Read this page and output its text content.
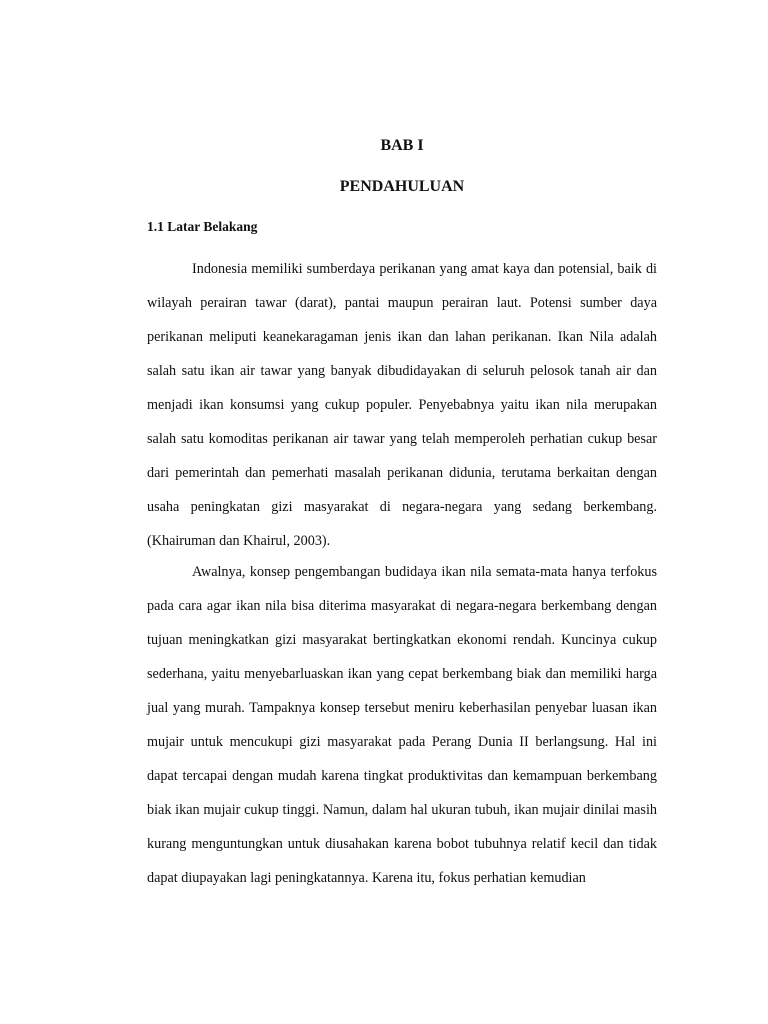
BAB I
PENDAHULUAN
1.1 Latar Belakang

Indonesia memiliki sumberdaya perikanan yang amat kaya dan potensial, baik di wilayah perairan tawar (darat), pantai maupun perairan laut. Potensi sumber daya perikanan meliputi keanekaragaman jenis ikan dan lahan perikanan. Ikan Nila adalah salah satu ikan air tawar yang banyak dibudidayakan di seluruh pelosok tanah air dan menjadi ikan konsumsi yang cukup populer. Penyebabnya yaitu ikan nila merupakan salah satu komoditas perikanan air tawar yang telah memperoleh perhatian cukup besar dari pemerintah dan pemerhati masalah perikanan didunia, terutama berkaitan dengan usaha peningkatan gizi masyarakat di negara-negara yang sedang berkembang. (Khairuman dan Khairul, 2003).

Awalnya, konsep pengembangan budidaya ikan nila semata-mata hanya terfokus pada cara agar ikan nila bisa diterima masyarakat di negara-negara berkembang dengan tujuan meningkatkan gizi masyarakat bertingkatkan ekonomi rendah. Kuncinya cukup sederhana, yaitu menyebarluaskan ikan yang cepat berkembang biak dan memiliki harga jual yang murah. Tampaknya konsep tersebut meniru keberhasilan penyebar luasan ikan mujair untuk mencukupi gizi masyarakat pada Perang Dunia II berlangsung. Hal ini dapat tercapai dengan mudah karena tingkat produktivitas dan kemampuan berkembang biak ikan mujair cukup tinggi. Namun, dalam hal ukuran tubuh, ikan mujair dinilai masih kurang menguntungkan untuk diusahakan karena bobot tubuhnya relatif kecil dan tidak dapat diupayakan lagi peningkatannya. Karena itu, fokus perhatian kemudian
